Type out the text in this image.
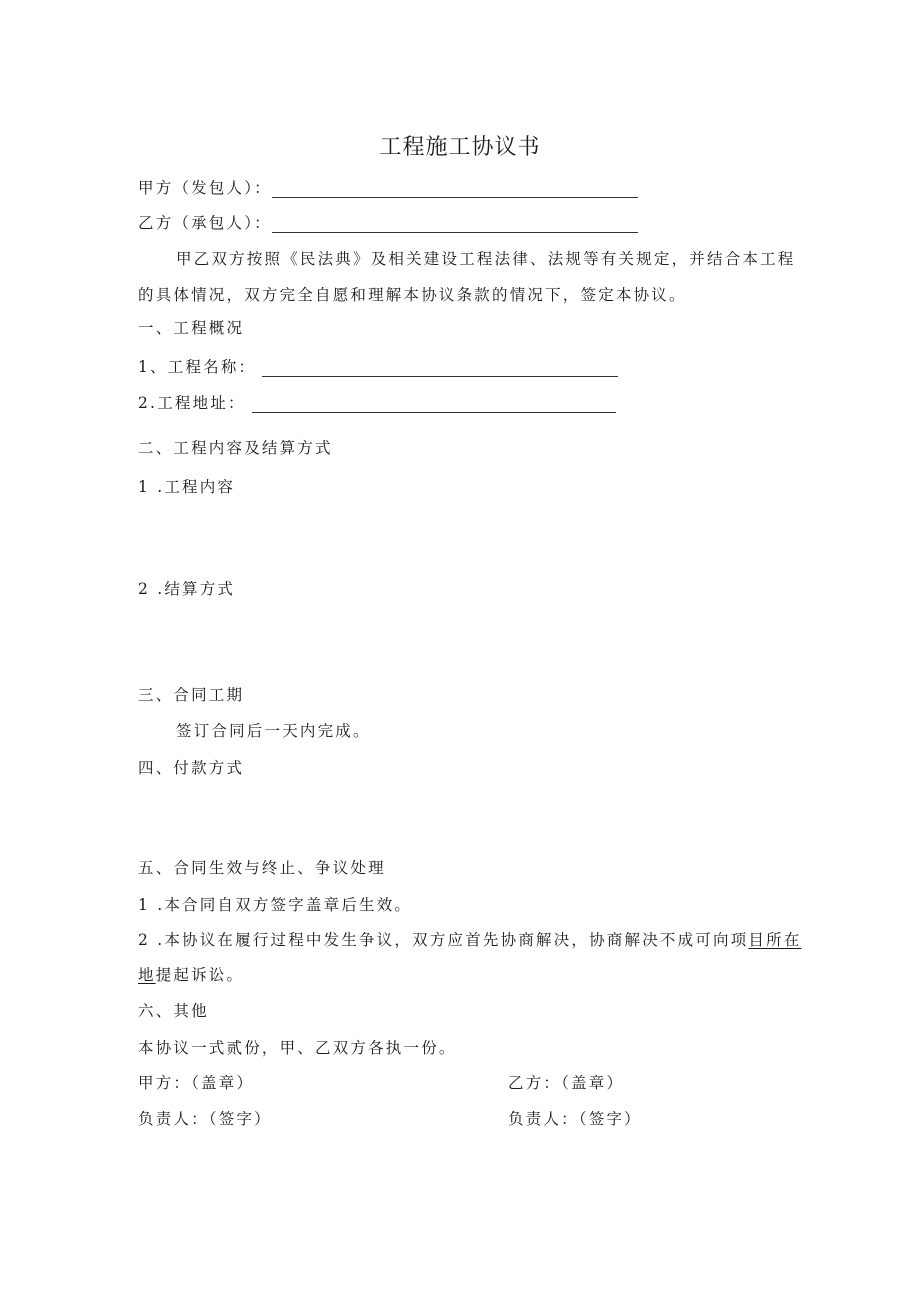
工程施工协议书
甲方（发包人）：
乙方（承包人）：
甲乙双方按照《民法典》及相关建设工程法律、法规等有关规定，并结合本工程
的具体情况，双方完全自愿和理解本协议条款的情况下，签定本协议。
一、工程概况
1、工程名称：
2.工程地址：
二、工程内容及结算方式
1 .工程内容
2 .结算方式
三、合同工期
签订合同后一天内完成。
四、付款方式
五、合同生效与终止、争议处理
1 .本合同自双方签字盖章后生效。
2 .本协议在履行过程中发生争议，双方应首先协商解决，协商解决不成可向项目所在
地提起诉讼。
六、其他
本协议一式贰份，甲、乙双方各执一份。
甲方：（盖章）	乙方：（盖章）
负责人：（签字）	负责人：（签字）
